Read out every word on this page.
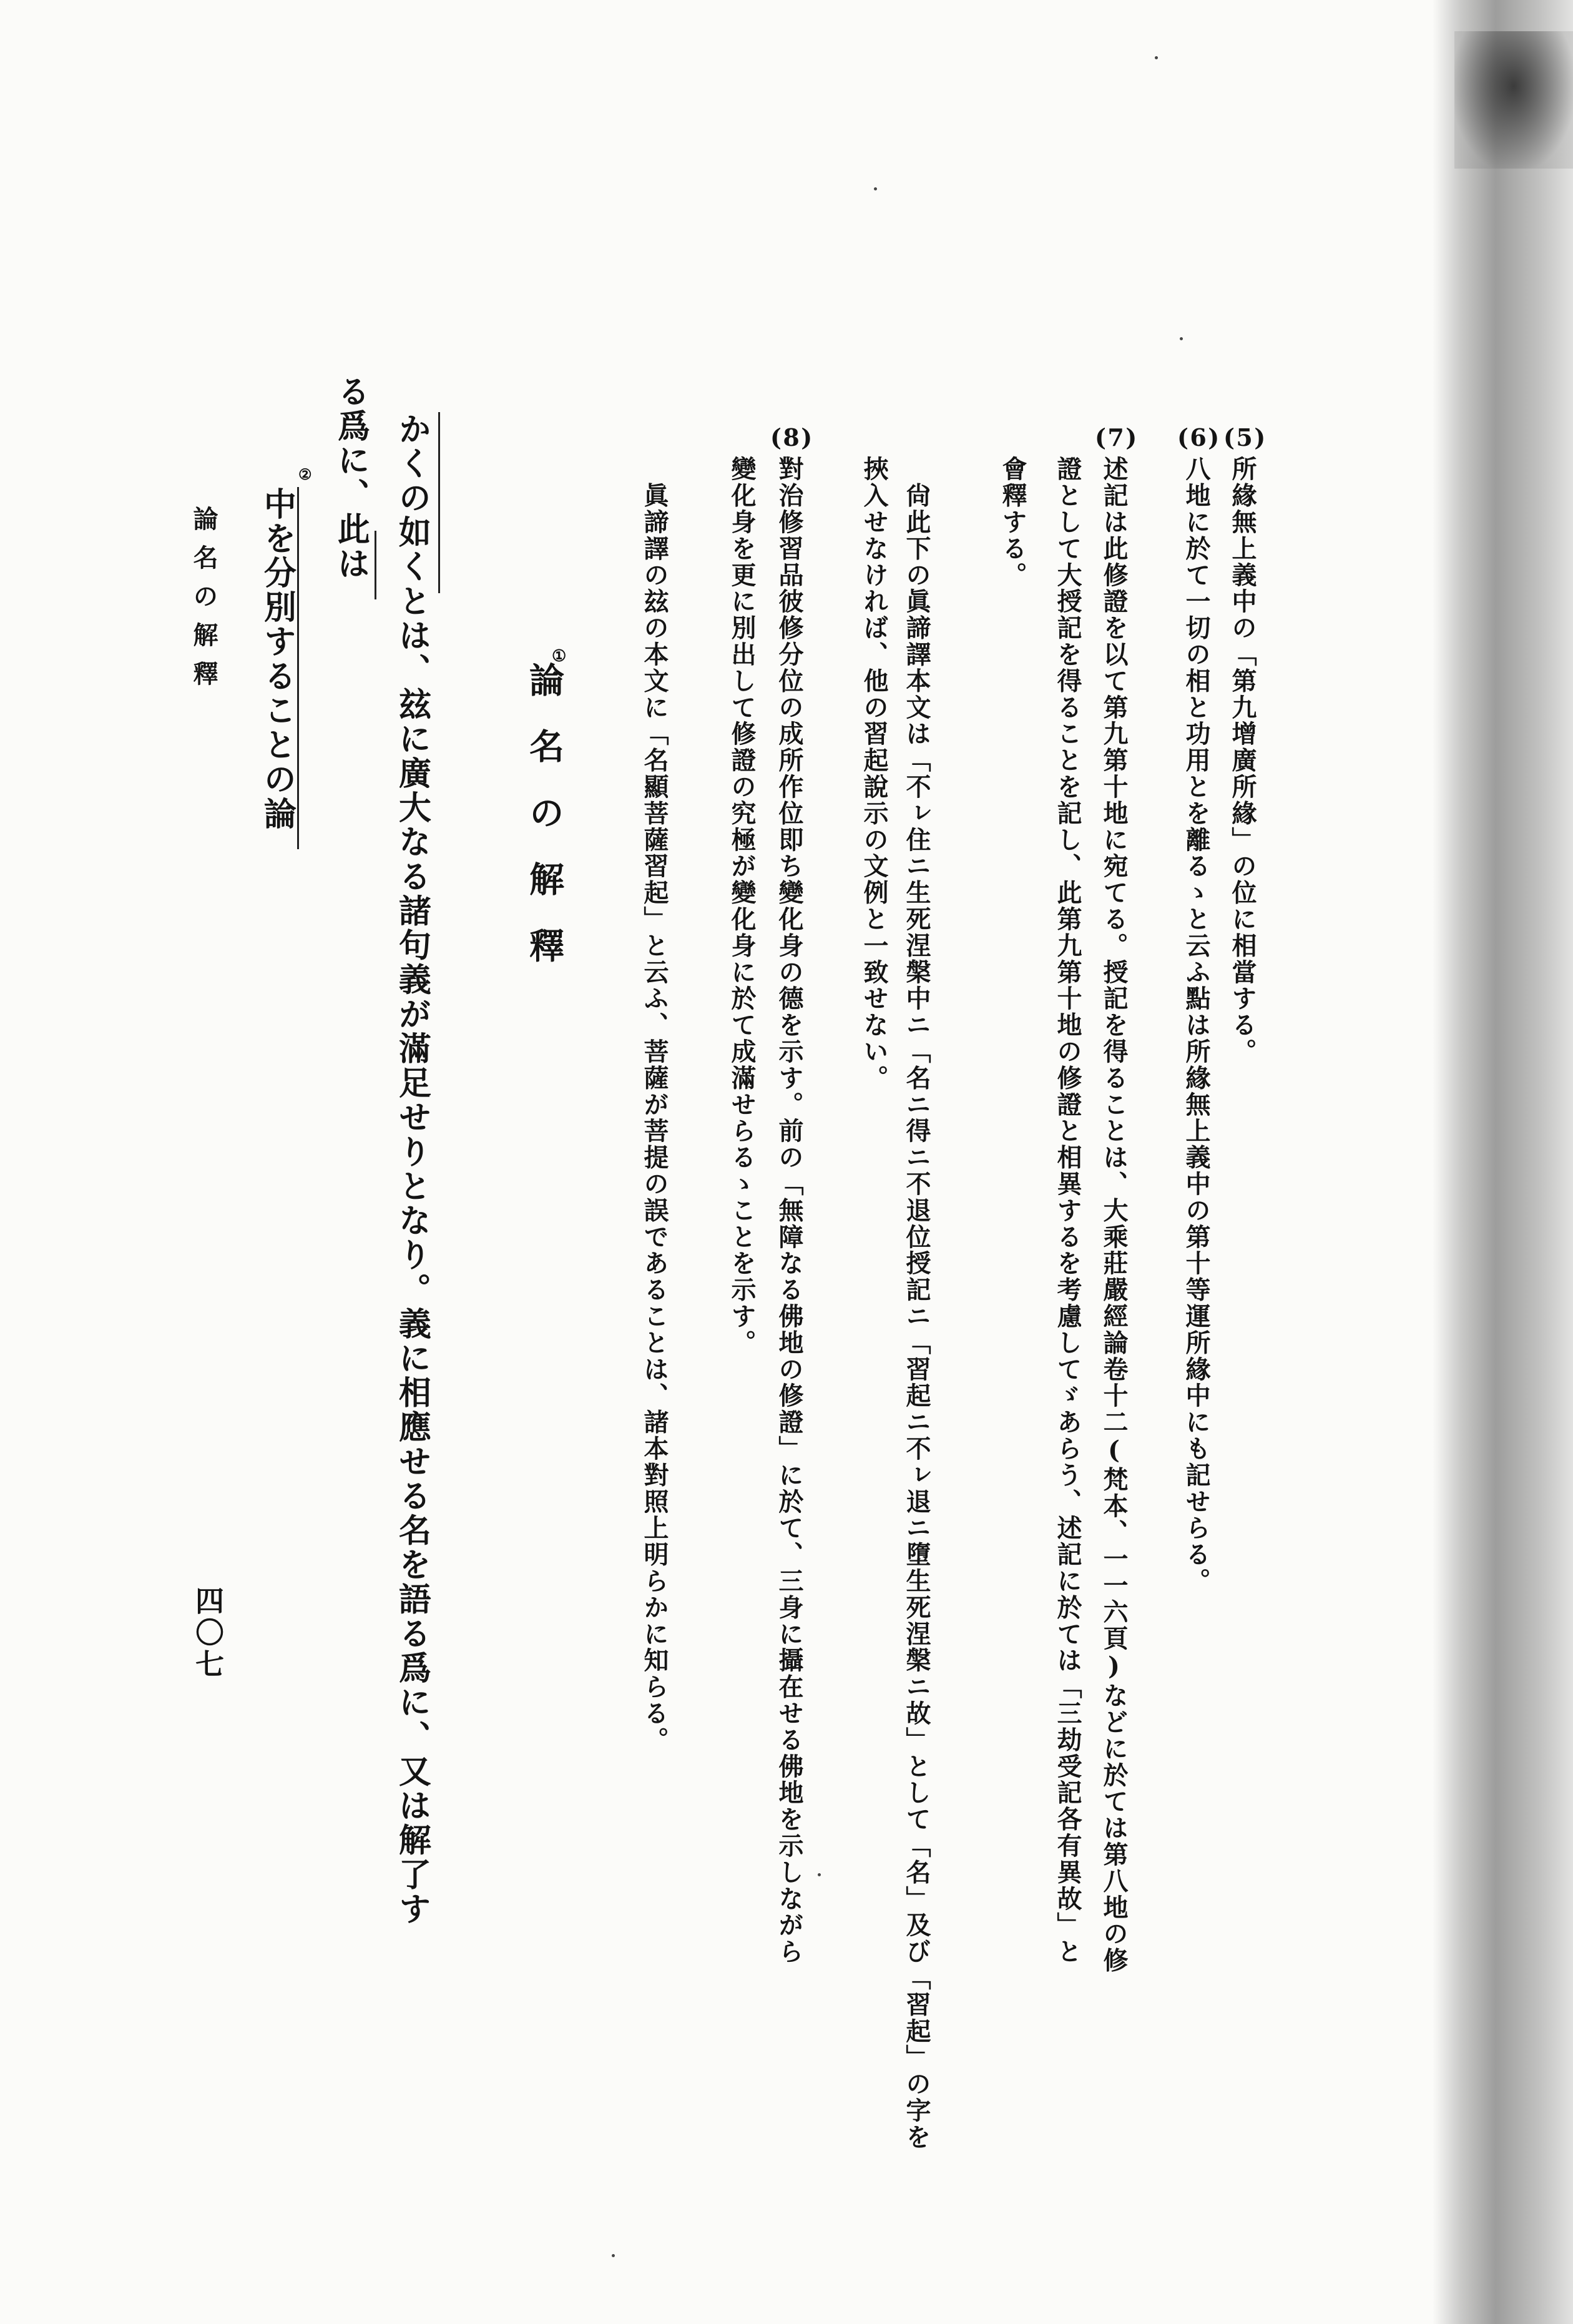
(5)
所緣無上義中の「第九增廣所緣」の位に相當する。
(6)
八地に於て一切の相と功用とを離るゝと云ふ點は所緣無上義中の第十等運所緣中にも記せらる。
(7)
述記は此修證を以て第九第十地に宛てる。授記を得ることは、大乘莊嚴經論卷十二(梵本、一一六頁)などに於ては第八地の修
證として大授記を得ることを記し、此第九第十地の修證と相異するを考慮してゞあらう、述記に於ては「三劫受記各有異故」と
會釋する。
　尙此下の眞諦譯本文は「不ㇾ住ニ生死涅槃中ニ「名ニ得ニ不退位授記ニ「習起ニ不ㇾ退ニ墮生死涅槃ニ故」として「名」及び「習起」の字を
挾入せなければ、他の習起說示の文例と一致せない。
(8)
對治修習品彼修分位の成所作位即ち變化身の德を示す。前の「無障なる佛地の修證」に於て、三身に攝在せる佛地を示しながら
變化身を更に別出して修證の究極が變化身に於て成滿せらるゝことを示す。
　眞諦譯の玆の本文に「名顯菩薩習起」と云ふ、菩薩が菩提の誤であることは、諸本對照上明らかに知らる。
①
論名の解釋
かくの如くとは、玆に廣大なる諸句義が滿足せりとなり。義に相應せる名を語る爲に、又は解了す
る爲に、此は
②
中を分別することの論
論名の解釋
四〇七
